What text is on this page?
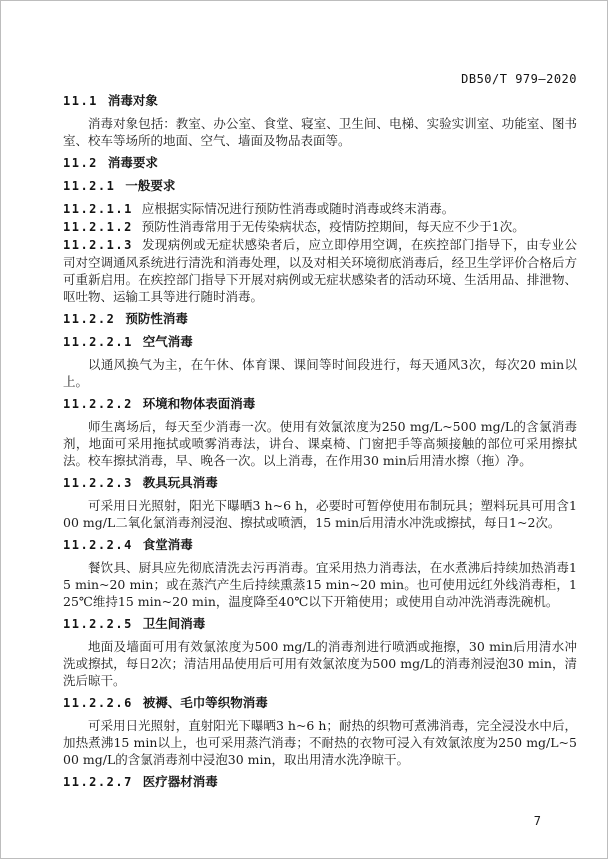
DB50/T 979—2020
11.1 消毒对象

消毒对象包括：教室、办公室、食堂、寝室、卫生间、电梯、实验实训室、功能室、图书室、校车等场所的地面、空气、墙面及物品表面等。

11.2 消毒要求
11.2.1 一般要求

11.2.1.1 应根据实际情况进行预防性消毒或随时消毒或终末消毒。

11.2.1.2 预防性消毒常用于无传染病状态，疫情防控期间，每天应不少于1次。

11.2.1.3 发现病例或无症状感染者后，应立即停用空调，在疾控部门指导下，由专业公司对空调通风系统进行清洗和消毒处理，以及对相关环境彻底消毒后，经卫生学评价合格后方可重新启用。在疾控部门指导下开展对病例或无症状感染者的活动环境、生活用品、排泄物、呕吐物、运输工具等进行随时消毒。

11.2.2 预防性消毒
11.2.2.1 空气消毒

以通风换气为主，在午休、体育课、课间等时间段进行，每天通风3次，每次20 min以上。

11.2.2.2 环境和物体表面消毒

师生离场后，每天至少消毒一次。使用有效氯浓度为250 mg/L~500 mg/L的含氯消毒剂，地面可采用拖拭或喷雾消毒法，讲台、课桌椅、门窗把手等高频接触的部位可采用擦拭法。校车擦拭消毒，早、晚各一次。以上消毒，在作用30 min后用清水擦（拖）净。

11.2.2.3 教具玩具消毒

可采用日光照射，阳光下曝晒3 h~6 h，必要时可暂停使用布制玩具；塑料玩具可用含100 mg/L二氧化氯消毒剂浸泡、擦拭或喷洒，15 min后用清水冲洗或擦拭，每日1~2次。

11.2.2.4 食堂消毒

餐饮具、厨具应先彻底清洗去污再消毒。宜采用热力消毒法，在水煮沸后持续加热消毒15 min~20 min；或在蒸汽产生后持续熏蒸15 min~20 min。也可使用远红外线消毒柜，125℃维持15 min~20 min，温度降至40℃以下开箱使用；或使用自动冲洗消毒洗碗机。

11.2.2.5 卫生间消毒

地面及墙面可用有效氯浓度为500 mg/L的消毒剂进行喷洒或拖擦，30 min后用清水冲洗或擦拭，每日2次；清洁用品使用后可用有效氯浓度为500 mg/L的消毒剂浸泡30 min，清洗后晾干。

11.2.2.6 被褥、毛巾等织物消毒

可采用日光照射，直射阳光下曝晒3 h~6 h；耐热的织物可煮沸消毒，完全浸没水中后，加热煮沸15 min以上，也可采用蒸汽消毒；不耐热的衣物可浸入有效氯浓度为250 mg/L~500 mg/L的含氯消毒剂中浸泡30 min，取出用清水洗净晾干。

11.2.2.7 医疗器材消毒
7
